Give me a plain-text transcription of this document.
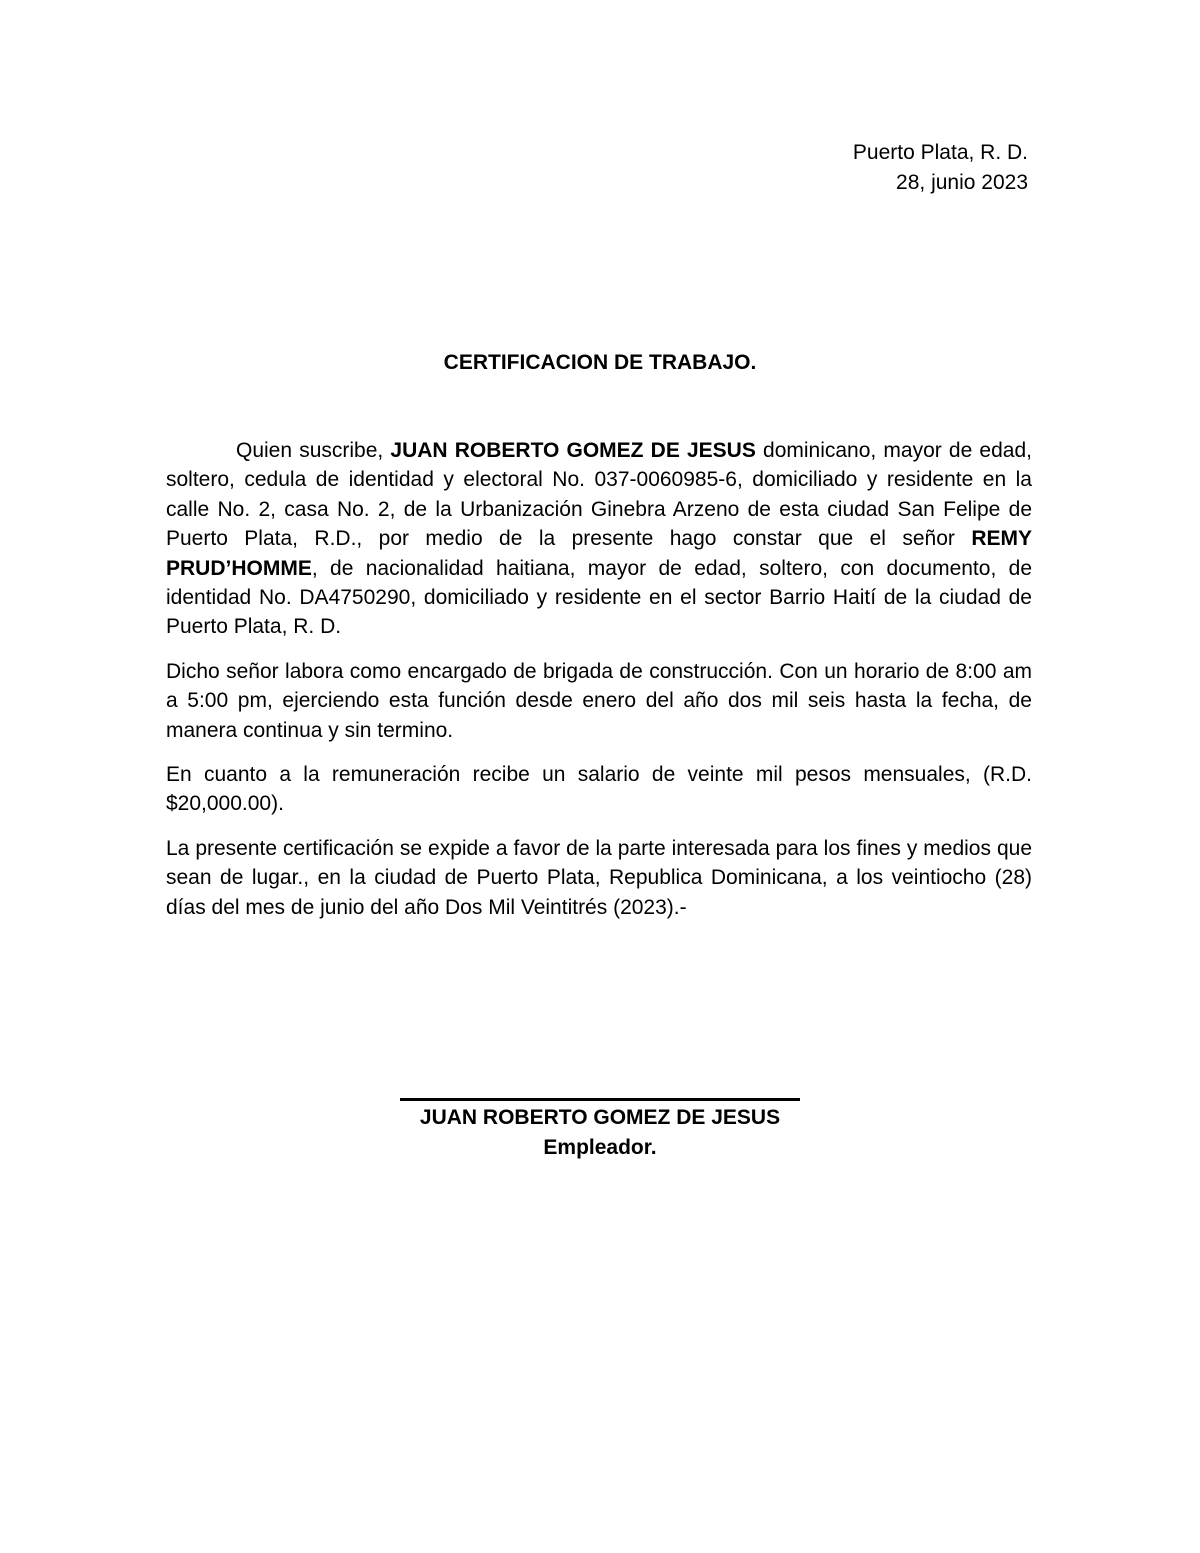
Puerto Plata, R. D.
28, junio 2023
CERTIFICACION DE TRABAJO.

Quien suscribe, JUAN ROBERTO GOMEZ DE JESUS dominicano, mayor de edad, soltero, cedula de identidad y electoral No. 037-0060985-6, domiciliado y residente en la calle No. 2, casa No. 2, de la Urbanización Ginebra Arzeno de esta ciudad San Felipe de Puerto Plata, R.D., por medio de la presente hago constar que el señor REMY PRUD’HOMME, de nacionalidad haitiana, mayor de edad, soltero, con documento, de identidad No. DA4750290, domiciliado y residente en el sector Barrio Haití de la ciudad de Puerto Plata, R. D.

Dicho señor labora como encargado de brigada de construcción. Con un horario de 8:00 am a 5:00 pm, ejerciendo esta función desde enero del año dos mil seis hasta la fecha, de manera continua y sin termino.

En cuanto a la remuneración recibe un salario de veinte mil pesos mensuales, (R.D. $20,000.00).

La presente certificación se expide a favor de la parte interesada para los fines y medios que sean de lugar., en la ciudad de Puerto Plata, Republica Dominicana, a los veintiocho (28) días del mes de junio del año Dos Mil Veintitrés (2023).-

JUAN ROBERTO GOMEZ DE JESUS
Empleador.
